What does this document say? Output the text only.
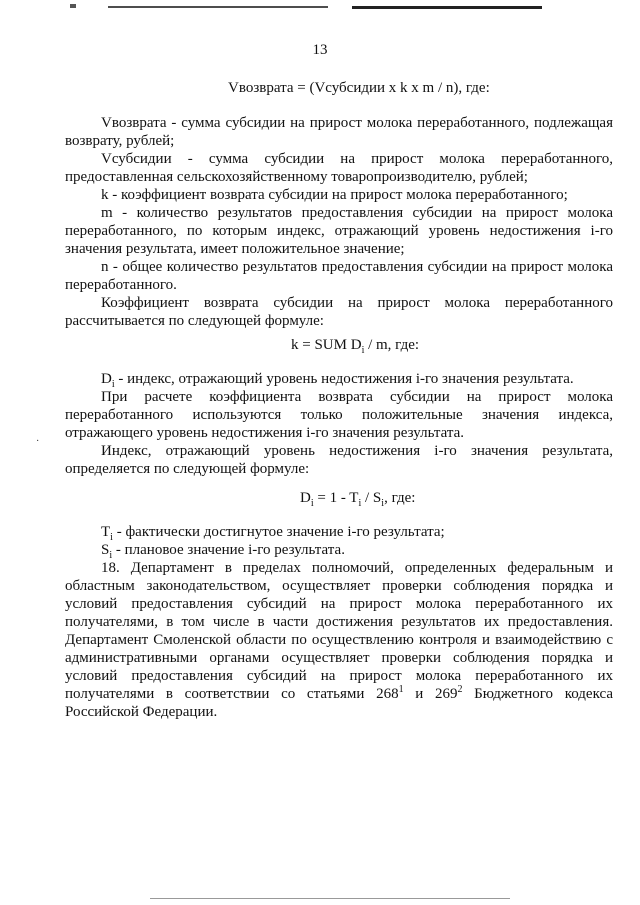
13
Vвозврата = (Vсубсидии x k x m / n), где:

Vвозврата - сумма субсидии на прирост молока переработанного, подлежащая возврату, рублей;

Vсубсидии - сумма субсидии на прирост молока переработанного, предоставленная сельскохозяйственному товаропроизводителю, рублей;

k - коэффициент возврата субсидии на прирост молока переработанного;

m - количество результатов предоставления субсидии на прирост молока переработанного, по которым индекс, отражающий уровень недостижения i-го значения результата, имеет положительное значение;

n - общее количество результатов предоставления субсидии на прирост молока переработанного.

Коэффициент возврата субсидии на прирост молока переработанного рассчитывается по следующей формуле:

k = SUM $D_i$ / m, где:

$D_i$ - индекс, отражающий уровень недостижения i-го значения результата.

При расчете коэффициента возврата субсидии на прирост молока переработанного используются только положительные значения индекса, отражающего уровень недостижения i-го значения результата.

Индекс, отражающий уровень недостижения i-го значения результата, определяется по следующей формуле:

$D_i = 1 - T_i / S_i$, где:

$T_i$ - фактически достигнутое значение i-го результата;

$S_i$ - плановое значение i-го результата.

18. Департамент в пределах полномочий, определенных федеральным и областным законодательством, осуществляет проверки соблюдения порядка и условий предоставления субсидий на прирост молока переработанного их получателями, в том числе в части достижения результатов их предоставления. Департамент Смоленской области по осуществлению контроля и взаимодействию с административными органами осуществляет проверки соблюдения порядка и условий предоставления субсидий на прирост молока переработанного их получателями в соответствии со статьями $268^1$ и $269^2$ Бюджетного кодекса Российской Федерации.

·
